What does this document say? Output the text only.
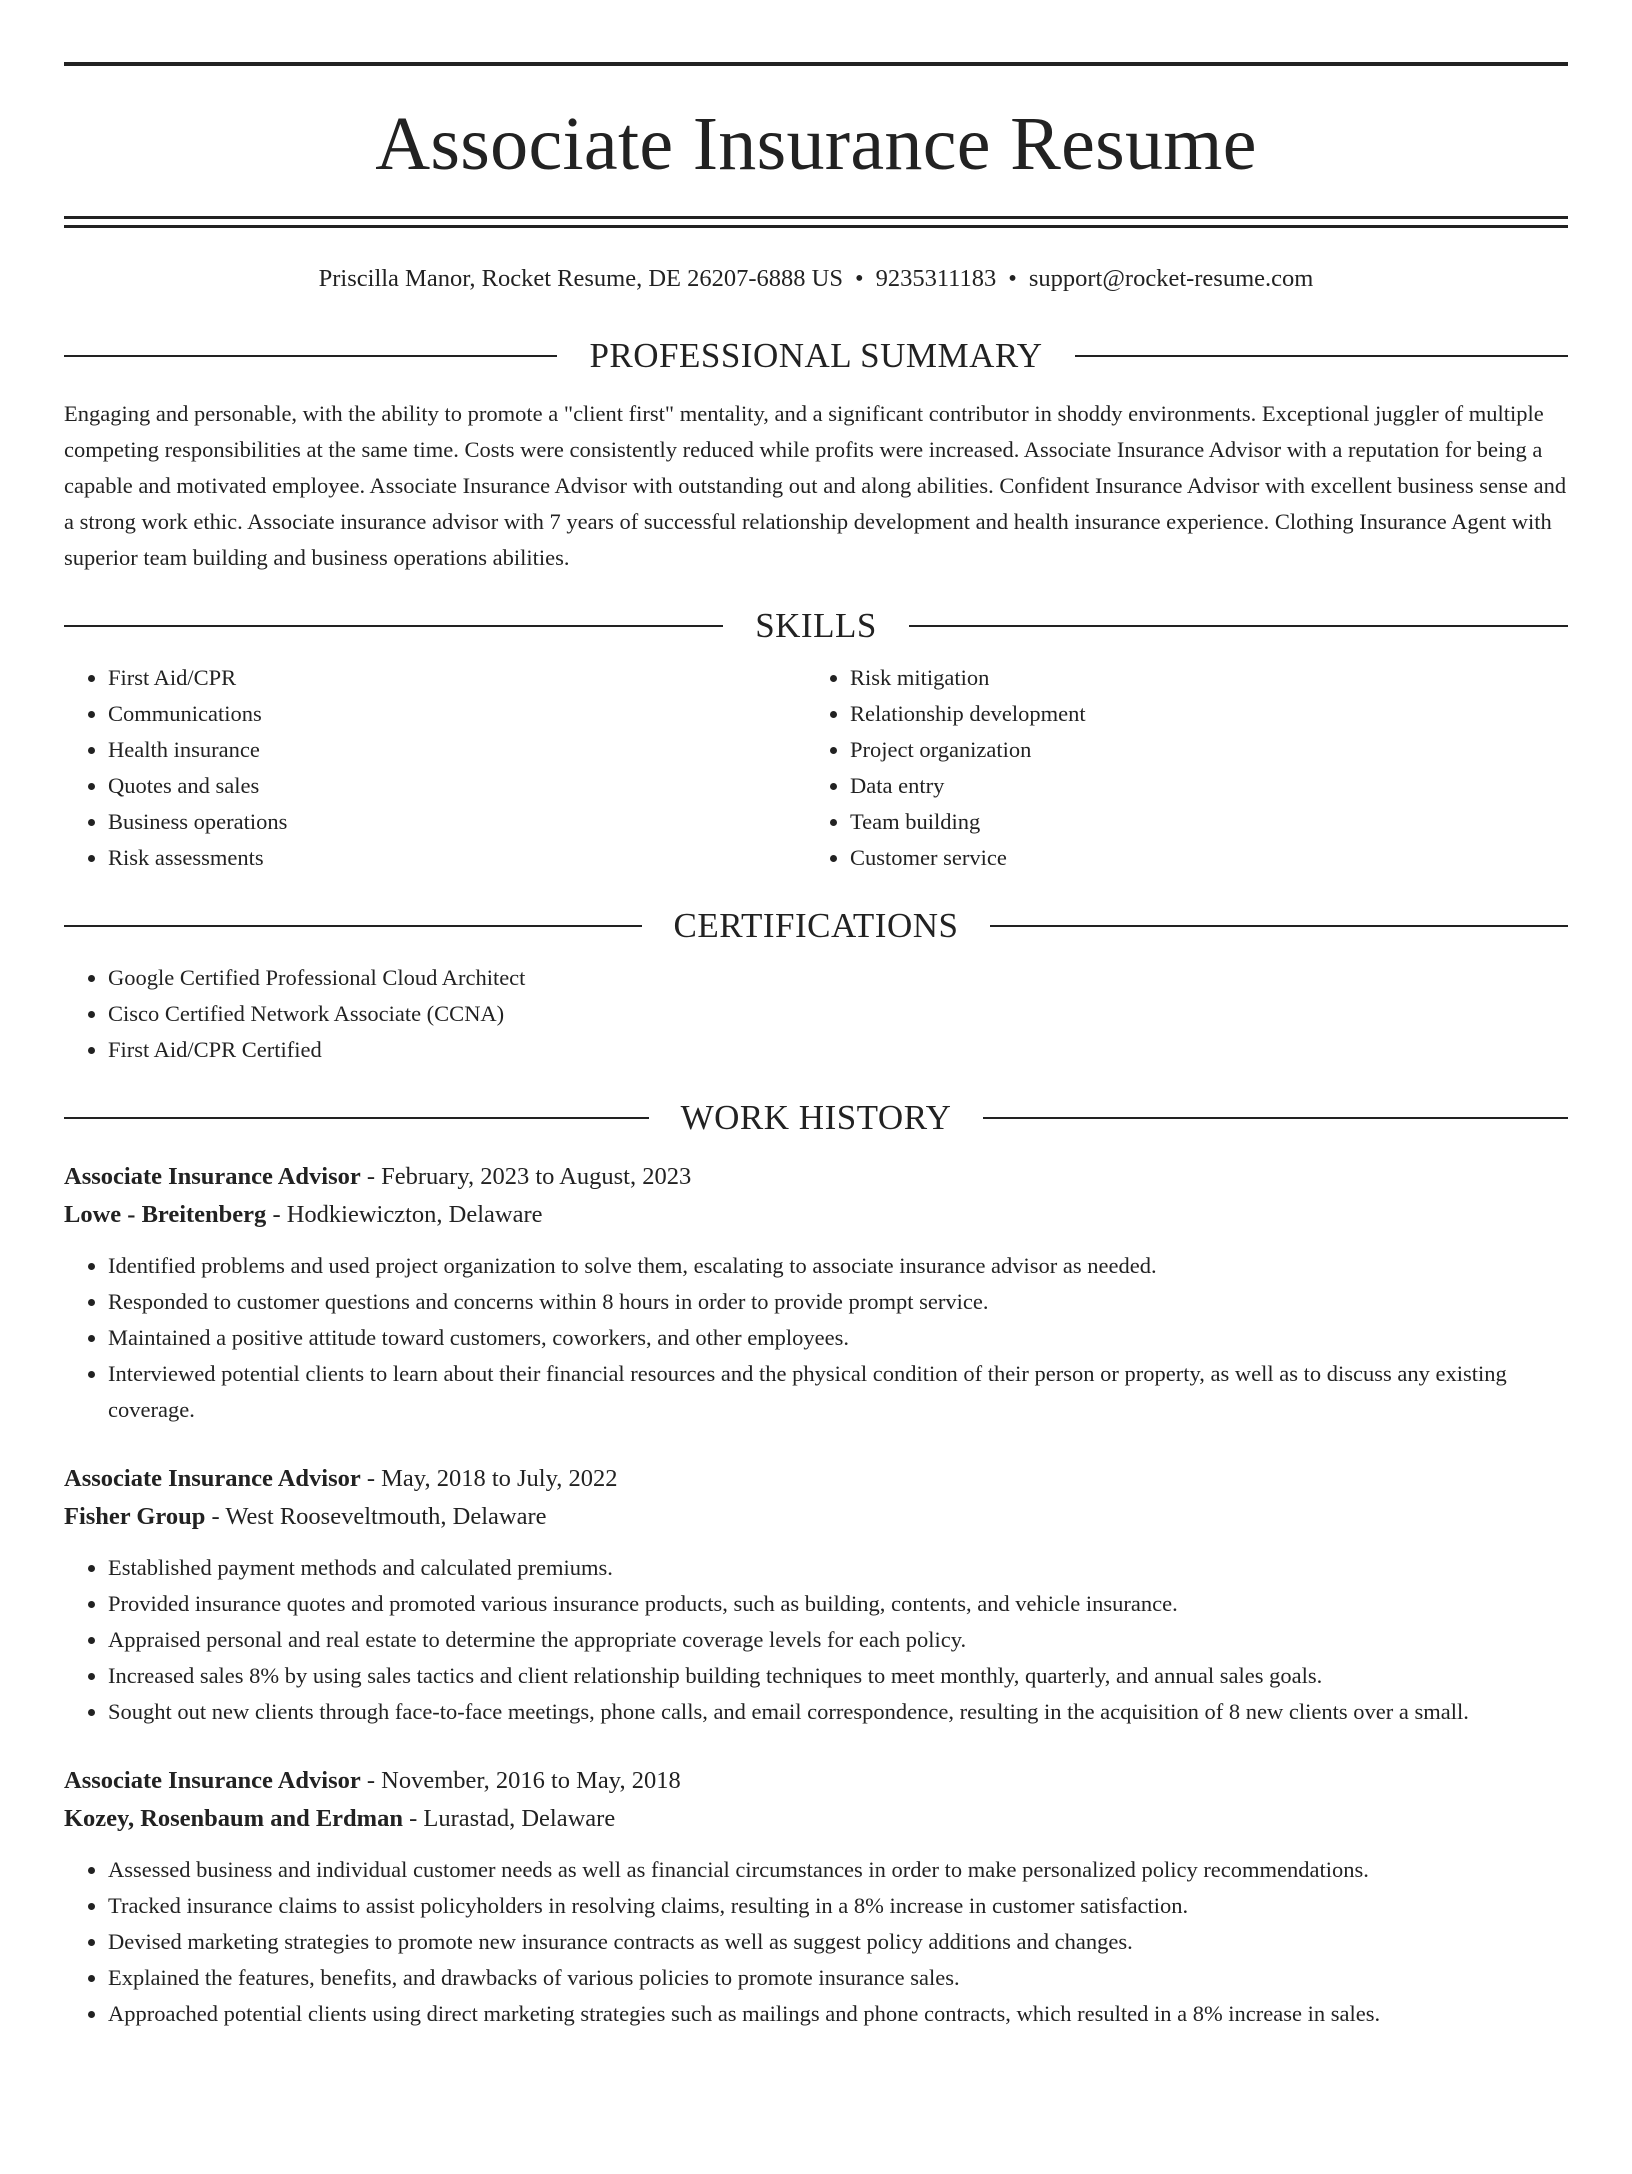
Associate Insurance Resume
Priscilla Manor, Rocket Resume, DE 26207-6888 US • 9235311183 • support@rocket-resume.com
PROFESSIONAL SUMMARY

Engaging and personable, with the ability to promote a "client first" mentality, and a significant contributor in shoddy environments. Exceptional juggler of multiple competing responsibilities at the same time. Costs were consistently reduced while profits were increased. Associate Insurance Advisor with a reputation for being a capable and motivated employee. Associate Insurance Advisor with outstanding out and along abilities. Confident Insurance Advisor with excellent business sense and a strong work ethic. Associate insurance advisor with 7 years of successful relationship development and health insurance experience. Clothing Insurance Agent with superior team building and business operations abilities.

SKILLS
• First Aid/CPR
• Communications
• Health insurance
• Quotes and sales
• Business operations
• Risk assessments
• Risk mitigation
• Relationship development
• Project organization
• Data entry
• Team building
• Customer service
CERTIFICATIONS
• Google Certified Professional Cloud Architect
• Cisco Certified Network Associate (CCNA)
• First Aid/CPR Certified
WORK HISTORY
Associate Insurance Advisor - February, 2023 to August, 2023
Lowe - Breitenberg - Hodkiewiczton, Delaware
• Identified problems and used project organization to solve them, escalating to associate insurance advisor as needed.
• Responded to customer questions and concerns within 8 hours in order to provide prompt service.
• Maintained a positive attitude toward customers, coworkers, and other employees.
• Interviewed potential clients to learn about their financial resources and the physical condition of their person or property, as well as to discuss any existing coverage.
Associate Insurance Advisor - May, 2018 to July, 2022
Fisher Group - West Rooseveltmouth, Delaware
• Established payment methods and calculated premiums.
• Provided insurance quotes and promoted various insurance products, such as building, contents, and vehicle insurance.
• Appraised personal and real estate to determine the appropriate coverage levels for each policy.
• Increased sales 8% by using sales tactics and client relationship building techniques to meet monthly, quarterly, and annual sales goals.
• Sought out new clients through face-to-face meetings, phone calls, and email correspondence, resulting in the acquisition of 8 new clients over a small.
Associate Insurance Advisor - November, 2016 to May, 2018
Kozey, Rosenbaum and Erdman - Lurastad, Delaware
• Assessed business and individual customer needs as well as financial circumstances in order to make personalized policy recommendations.
• Tracked insurance claims to assist policyholders in resolving claims, resulting in a 8% increase in customer satisfaction.
• Devised marketing strategies to promote new insurance contracts as well as suggest policy additions and changes.
• Explained the features, benefits, and drawbacks of various policies to promote insurance sales.
• Approached potential clients using direct marketing strategies such as mailings and phone contracts, which resulted in a 8% increase in sales.
